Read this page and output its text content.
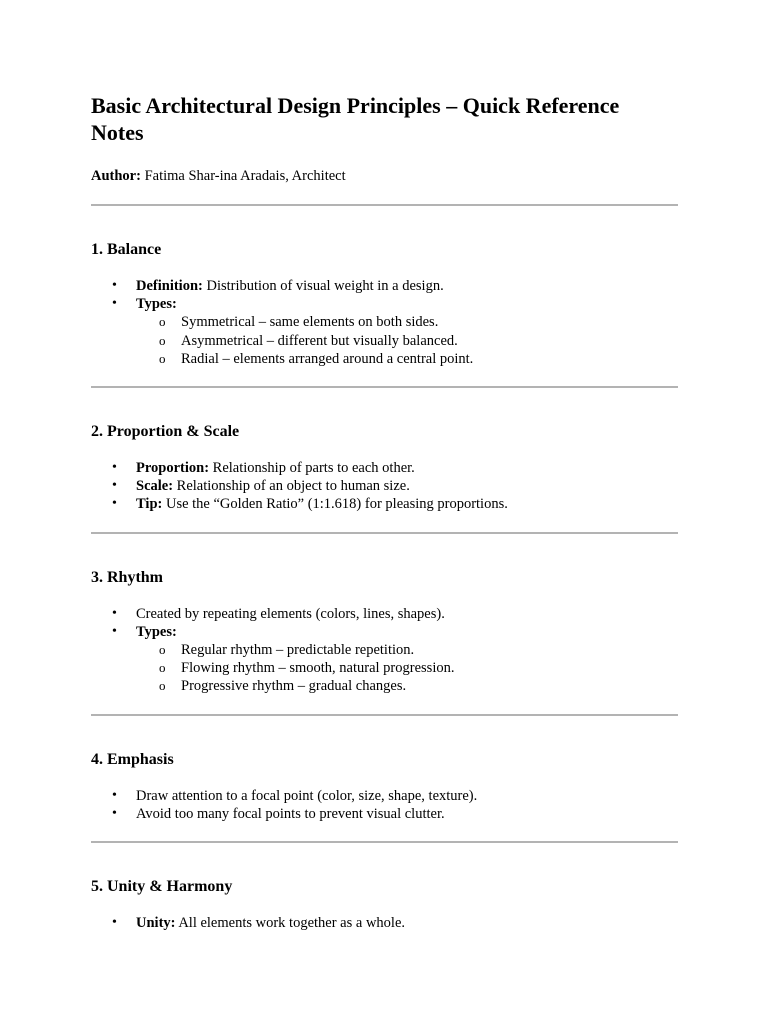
Basic Architectural Design Principles – Quick Reference Notes
Author: Fatima Shar-ina Aradais, Architect
1. Balance
• Definition: Distribution of visual weight in a design.
• Types:
o Symmetrical – same elements on both sides.
o Asymmetrical – different but visually balanced.
o Radial – elements arranged around a central point.
2. Proportion & Scale
• Proportion: Relationship of parts to each other.
• Scale: Relationship of an object to human size.
• Tip: Use the “Golden Ratio” (1:1.618) for pleasing proportions.
3. Rhythm
• Created by repeating elements (colors, lines, shapes).
• Types:
o Regular rhythm – predictable repetition.
o Flowing rhythm – smooth, natural progression.
o Progressive rhythm – gradual changes.
4. Emphasis
• Draw attention to a focal point (color, size, shape, texture).
• Avoid too many focal points to prevent visual clutter.
5. Unity & Harmony
• Unity: All elements work together as a whole.
